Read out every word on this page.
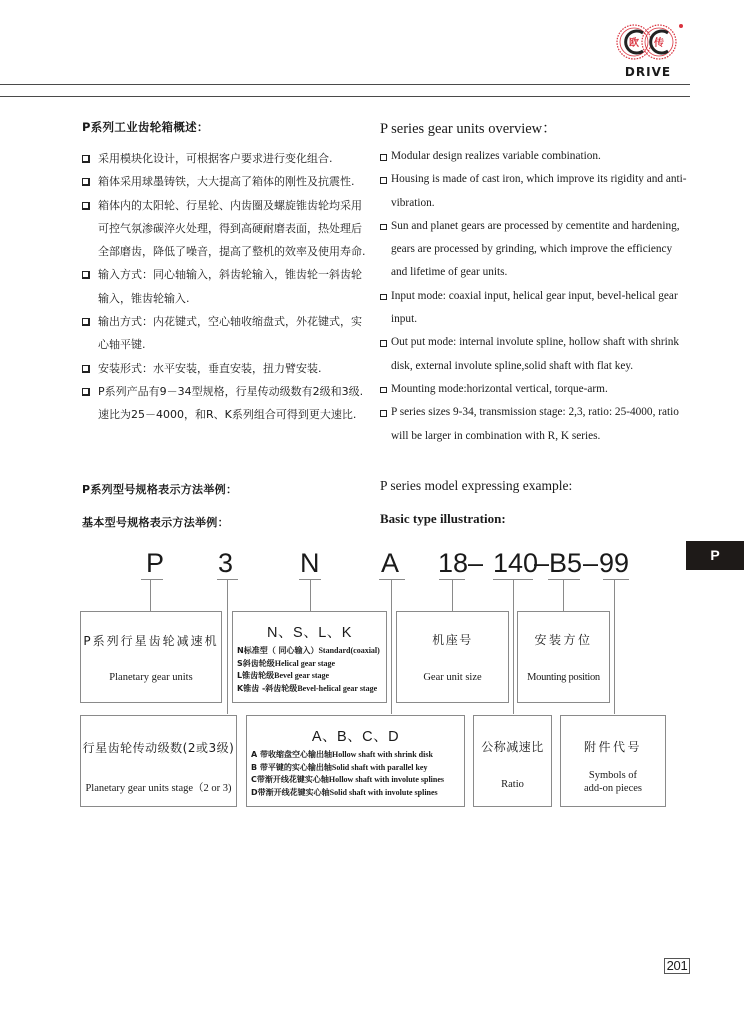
欧 传
DRIVE
P系列工业齿轮箱概述：	P series gear units overview：
采用模块化设计，可根据客户要求进行变化组合.
箱体采用球墨铸铁，大大提高了箱体的刚性及抗震性.
箱体内的太阳轮、行星轮、内齿圈及螺旋锥齿轮均采用可控气氛渗碳淬火处理，得到高硬耐磨表面，热处理后全部磨齿，降低了噪音，提高了整机的效率及使用寿命.
输入方式：同心轴输入，斜齿轮输入，锥齿轮一斜齿轮输入，锥齿轮输入.
输出方式：内花键式，空心轴收缩盘式，外花键式，实心轴平键.
安装形式：水平安装，垂直安装，扭力臂安装.
P系列产品有9－34型规格，行星传动级数有2级和3级.速比为25－4000，和R、K系列组合可得到更大速比.
Modular design realizes variable combination.
Housing is made of cast iron, which improve its rigidity and anti-vibration.
Sun and planet gears are processed by cementite and hardening, gears are processed by grinding, which improve the efficiency and lifetime of gear units.
Input mode: coaxial input, helical gear input, bevel-helical gear input.
Out put mode: internal involute spline, hollow shaft with shrink disk, external involute spline,solid shaft with flat key.
Mounting mode:horizontal vertical, torque-arm.
P series sizes 9-34, transmission stage: 2,3, ratio: 25-4000, ratio will be larger in combination with R, K series.
P系列型号规格表示方法举例：	P series model expressing example:
基本型号规格表示方法举例：	Basic type illustration:
P 3 N A 18 – 140
– B5 – 99
P系列行星齿轮减速机
Planetary gear units
N、S、L、K
N标准型（ 同心输入）Standard(coaxial)
S斜齿轮级Helical gear stage
L锥齿轮级Bevel gear stage
K锥齿 -斜齿轮级Bevel-helical gear stage
机座号
Gear unit size
安装方位
Mounting position
行星齿轮传动级数(2或3级)
Planetary gear units stage（2 or 3)
A、B、C、D
A 带收缩盘空心输出轴Hollow shaft with shrink disk
B 带平键的实心输出轴Solid shaft with parallel key
C带渐开线花键实心轴Hollow shaft with involute splines
D带渐开线花键实心轴Solid shaft with involute splines
公称减速比
Ratio
附件代号
Symbols of
add-on pieces
P
201
